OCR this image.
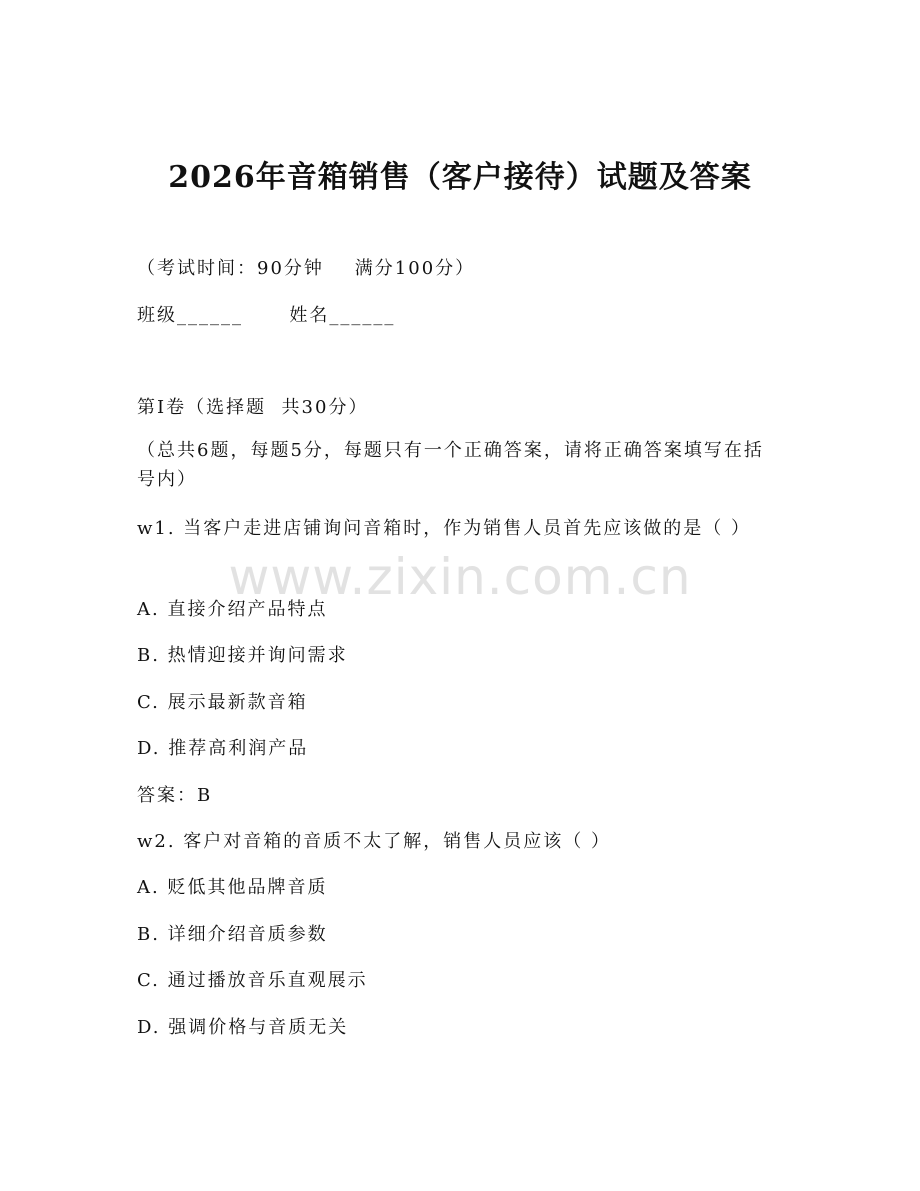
2026年音箱销售（客户接待）试题及答案
（考试时间：90分钟    满分100分）
班级______      姓名______
第Ⅰ卷（选择题  共30分）
（总共6题，每题5分，每题只有一个正确答案，请将正确答案填写在括号内）
w1. 当客户走进店铺询问音箱时，作为销售人员首先应该做的是（ ）
A. 直接介绍产品特点
B. 热情迎接并询问需求
C. 展示最新款音箱
D. 推荐高利润产品
答案：B
w2. 客户对音箱的音质不太了解，销售人员应该（ ）
A. 贬低其他品牌音质
B. 详细介绍音质参数
C. 通过播放音乐直观展示
D. 强调价格与音质无关
www.zixin.com.cn
